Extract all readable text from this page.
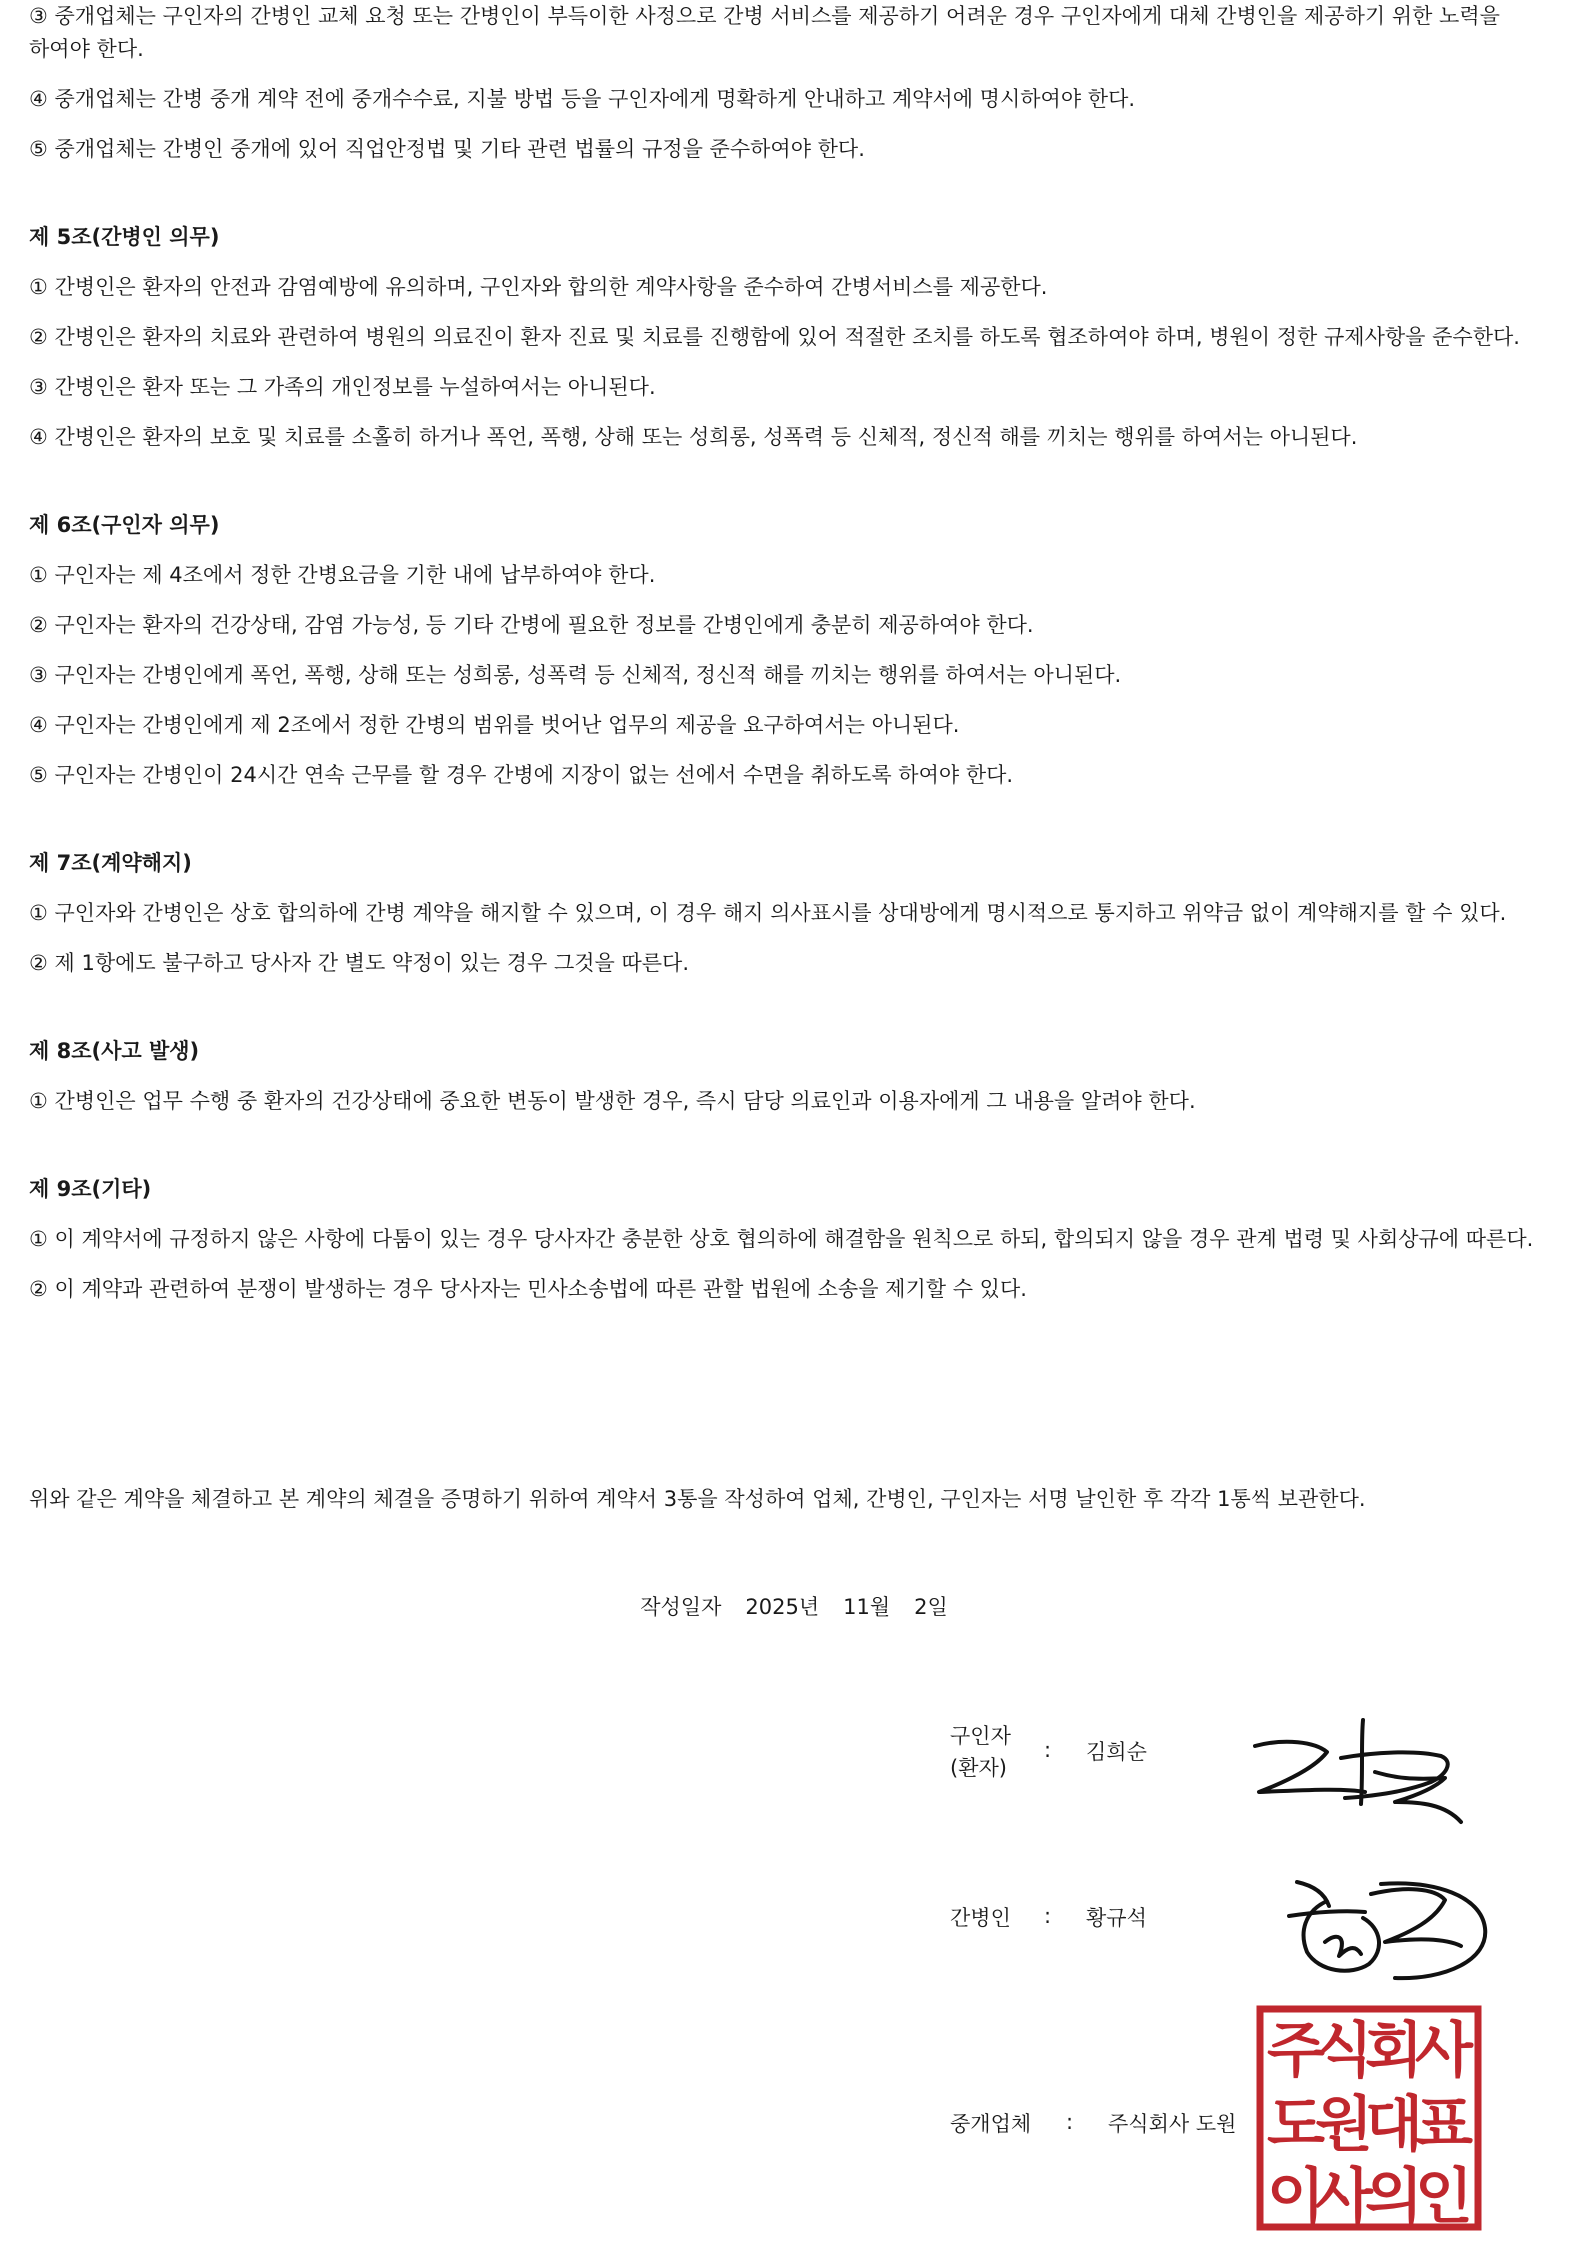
③ 중개업체는 구인자의 간병인 교체 요청 또는 간병인이 부득이한 사정으로 간병 서비스를 제공하기 어려운 경우 구인자에게 대체 간병인을 제공하기 위한 노력을 하여야 한다.

④ 중개업체는 간병 중개 계약 전에 중개수수료, 지불 방법 등을 구인자에게 명확하게 안내하고 계약서에 명시하여야 한다.

⑤ 중개업체는 간병인 중개에 있어 직업안정법 및 기타 관련 법률의 규정을 준수하여야 한다.

제 5조(간병인 의무)

① 간병인은 환자의 안전과 감염예방에 유의하며, 구인자와 합의한 계약사항을 준수하여 간병서비스를 제공한다.

② 간병인은 환자의 치료와 관련하여 병원의 의료진이 환자 진료 및 치료를 진행함에 있어 적절한 조치를 하도록 협조하여야 하며, 병원이 정한 규제사항을 준수한다.

③ 간병인은 환자 또는 그 가족의 개인정보를 누설하여서는 아니된다.

④ 간병인은 환자의 보호 및 치료를 소홀히 하거나 폭언, 폭행, 상해 또는 성희롱, 성폭력 등 신체적, 정신적 해를 끼치는 행위를 하여서는 아니된다.

제 6조(구인자 의무)

① 구인자는 제 4조에서 정한 간병요금을 기한 내에 납부하여야 한다.

② 구인자는 환자의 건강상태, 감염 가능성, 등 기타 간병에 필요한 정보를 간병인에게 충분히 제공하여야 한다.

③ 구인자는 간병인에게 폭언, 폭행, 상해 또는 성희롱, 성폭력 등 신체적, 정신적 해를 끼치는 행위를 하여서는 아니된다.

④ 구인자는 간병인에게 제 2조에서 정한 간병의 범위를 벗어난 업무의 제공을 요구하여서는 아니된다.

⑤ 구인자는 간병인이 24시간 연속 근무를 할 경우 간병에 지장이 없는 선에서 수면을 취하도록 하여야 한다.

제 7조(계약해지)

① 구인자와 간병인은 상호 합의하에 간병 계약을 해지할 수 있으며, 이 경우 해지 의사표시를 상대방에게 명시적으로 통지하고 위약금 없이 계약해지를 할 수 있다.

② 제 1항에도 불구하고 당사자 간 별도 약정이 있는 경우 그것을 따른다.

제 8조(사고 발생)

① 간병인은 업무 수행 중 환자의 건강상태에 중요한 변동이 발생한 경우, 즉시 담당 의료인과 이용자에게 그 내용을 알려야 한다.

제 9조(기타)

① 이 계약서에 규정하지 않은 사항에 다툼이 있는 경우 당사자간 충분한 상호 협의하에 해결함을 원칙으로 하되, 합의되지 않을 경우 관계 법령 및 사회상규에 따른다.

② 이 계약과 관련하여 분쟁이 발생하는 경우 당사자는 민사소송법에 따른 관할 법원에 소송을 제기할 수 있다.

위와 같은 계약을 체결하고 본 계약의 체결을 증명하기 위하여 계약서 3통을 작성하여 업체, 간병인, 구인자는 서명 날인한 후 각각 1통씩 보관한다.

작성일자 2025년 11월 2일
구인자
(환자)
: 김희순
간병인 : 황규석
중개업체 : 주식회사 도원
주
식
회
사
도
원
대
표
이
사
의
인
